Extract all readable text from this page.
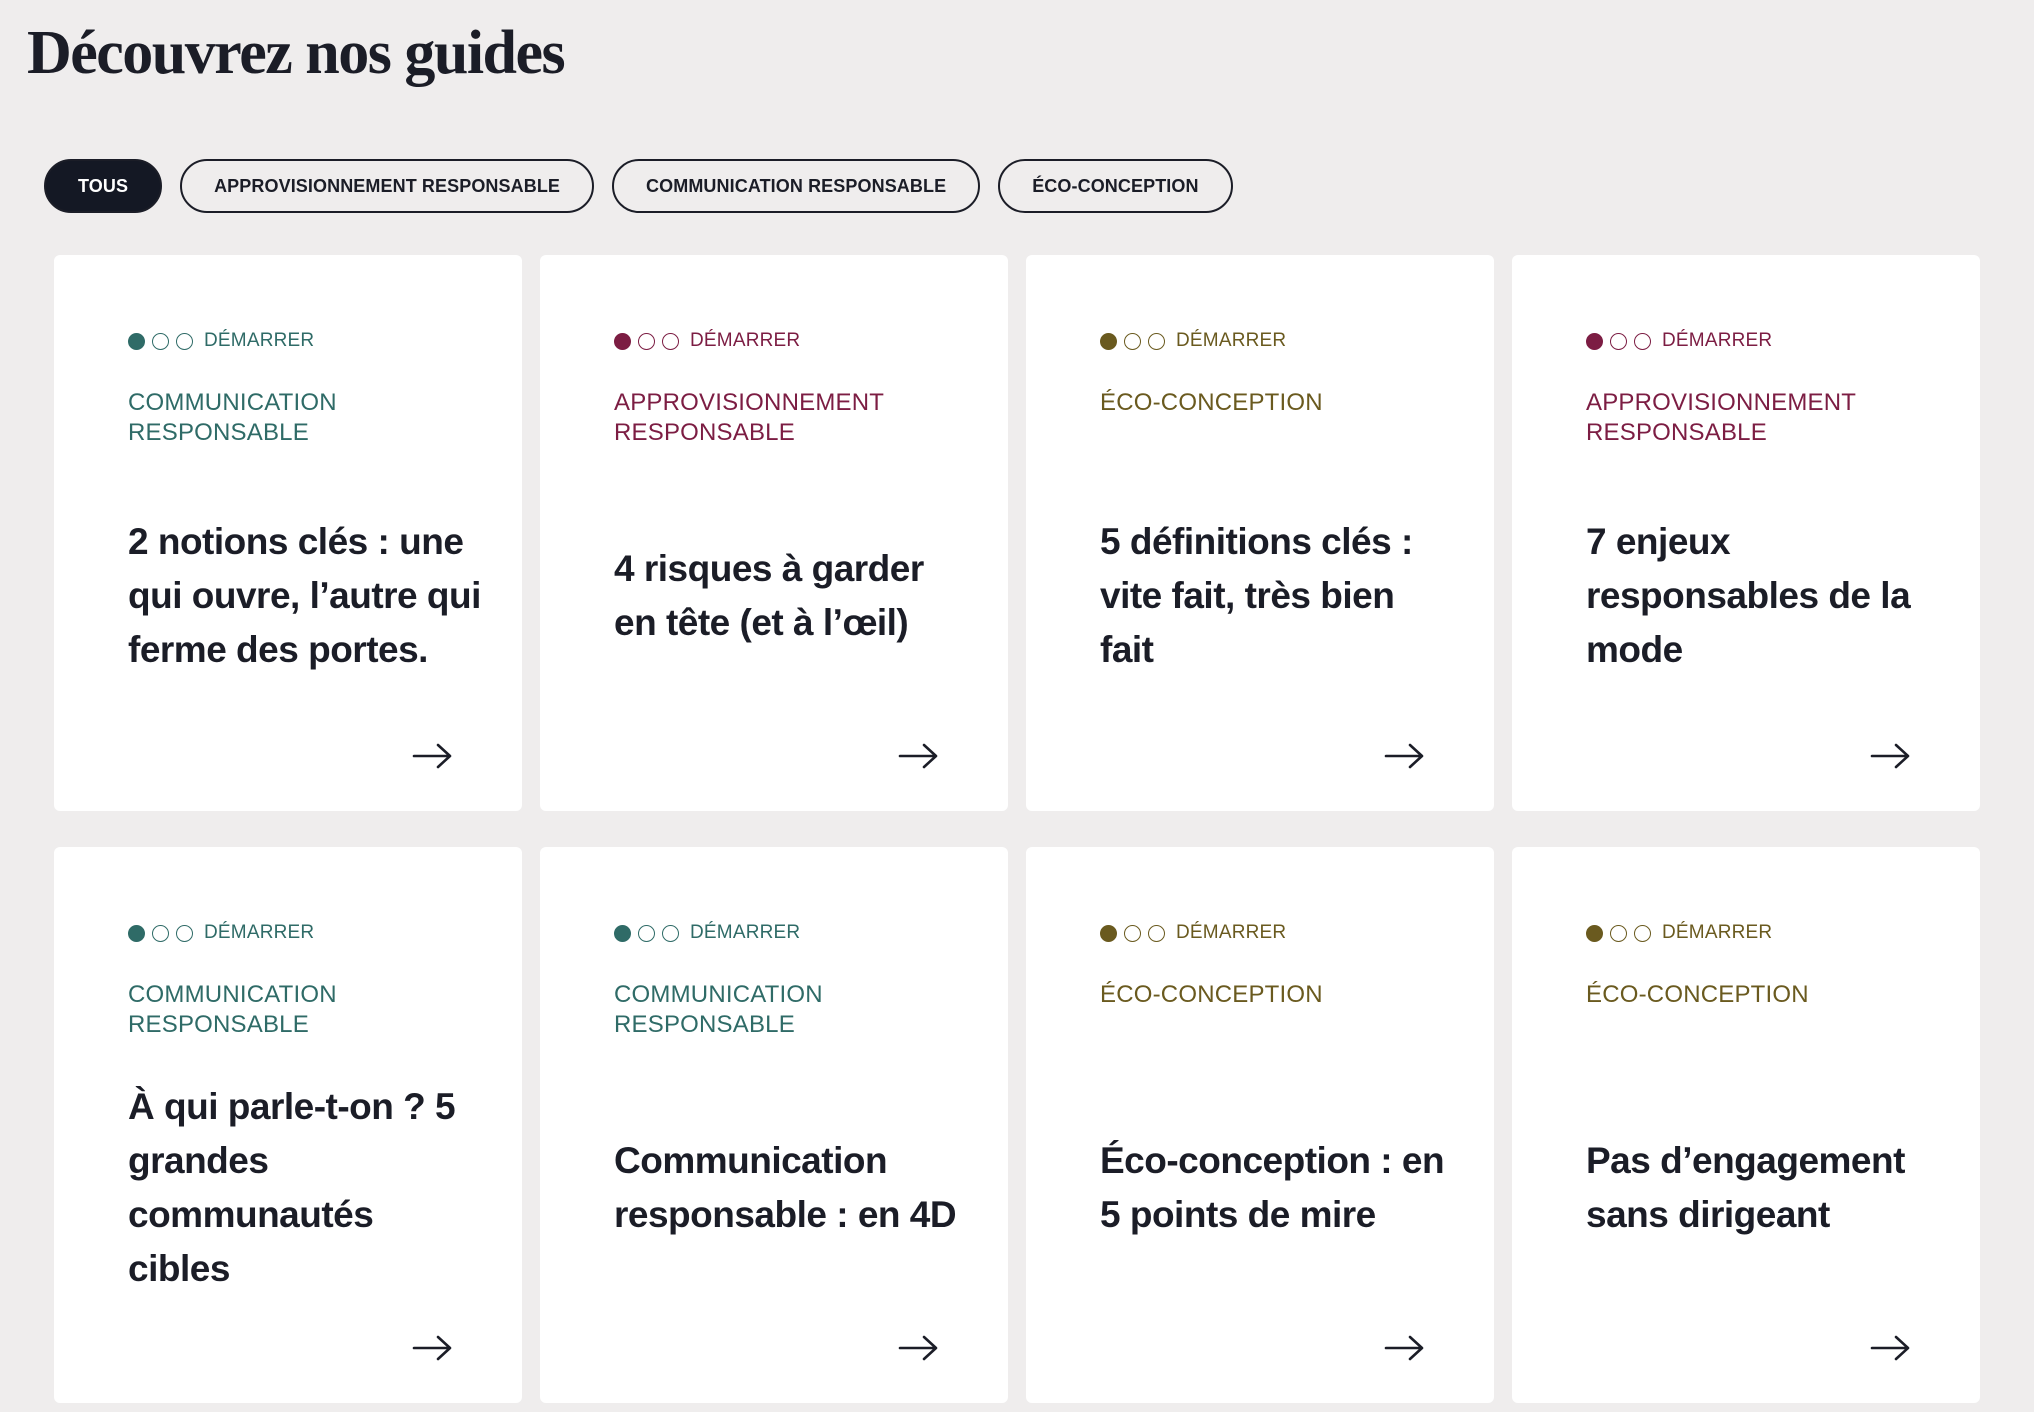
Découvrez nos guides
TOUS	APPROVISIONNEMENT RESPONSABLE	COMMUNICATION RESPONSABLE	ÉCO-CONCEPTION
DÉMARRER
COMMUNICATION RESPONSABLE
2 notions clés : une qui ouvre, l’autre qui ferme des portes.
DÉMARRER
APPROVISIONNEMENT RESPONSABLE
4 risques à garder en tête (et à l’œil)
DÉMARRER
ÉCO-CONCEPTION
5 définitions clés : vite fait, très bien fait
DÉMARRER
APPROVISIONNEMENT RESPONSABLE
7 enjeux responsables de la mode
DÉMARRER
COMMUNICATION RESPONSABLE
À qui parle-t-on ? 5 grandes communautés cibles
DÉMARRER
COMMUNICATION RESPONSABLE
Communication responsable : en 4D
DÉMARRER
ÉCO-CONCEPTION
Éco-conception : en 5 points de mire
DÉMARRER
ÉCO-CONCEPTION
Pas d’engagement sans dirigeant
